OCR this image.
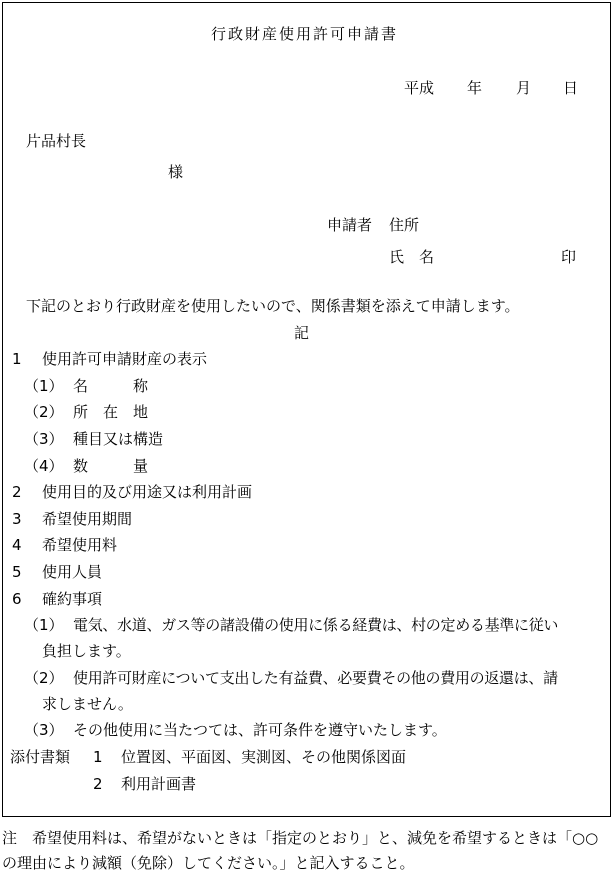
行政財産使用許可申請書
平成 年 月 日
片品村長
様
申請者 住所
氏　名	印
下記のとおり行政財産を使用したいので、関係書類を添えて申請します。
記
1 使用許可申請財産の表示
（1） 名　　　称
（2） 所　在　地
（3） 種目又は構造
（4） 数　　　量
2 使用目的及び用途又は利用計画
3 希望使用期間
4 希望使用料
5 使用人員
6 確約事項
（1） 電気、水道、ガス等の諸設備の使用に係る経費は、村の定める基準に従い
負担します。
（2） 使用許可財産について支出した有益費、必要費その他の費用の返還は、請
求しません。
（3） その他使用に当たつては、許可条件を遵守いたします。
添付書類 1 位置図、平面図、実測図、その他関係図面
2 利用計画書
注　希望使用料は、希望がないときは「指定のとおり」と、減免を希望するときは「○○の理由により減額（免除）してください。」と記入すること。
